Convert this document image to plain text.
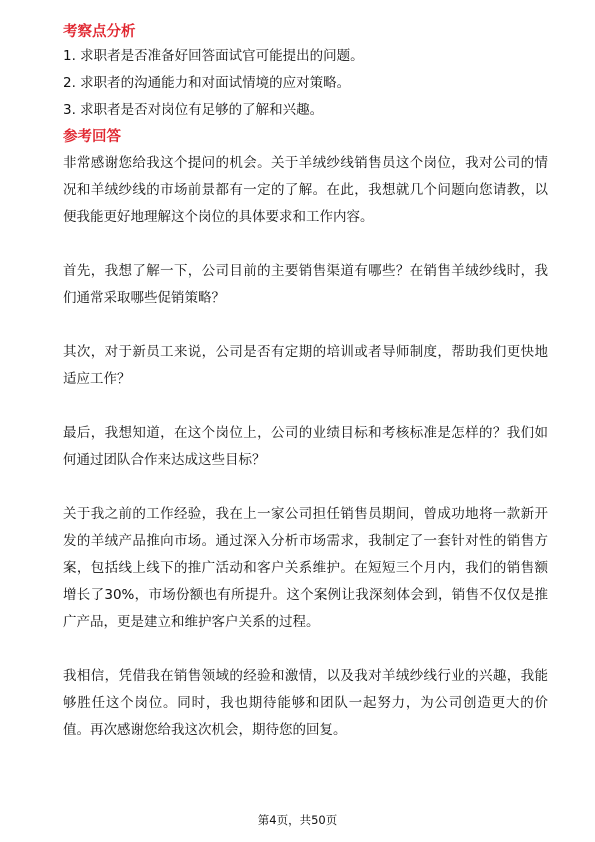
考察点分析
1. 求职者是否准备好回答面试官可能提出的问题。
2. 求职者的沟通能力和对面试情境的应对策略。
3. 求职者是否对岗位有足够的了解和兴趣。
参考回答

非常感谢您给我这个提问的机会。关于羊绒纱线销售员这个岗位，我对公司的情况和羊绒纱线的市场前景都有一定的了解。在此，我想就几个问题向您请教，以便我能更好地理解这个岗位的具体要求和工作内容。

首先，我想了解一下，公司目前的主要销售渠道有哪些？在销售羊绒纱线时，我们通常采取哪些促销策略？

其次，对于新员工来说，公司是否有定期的培训或者导师制度，帮助我们更快地适应工作？

最后，我想知道，在这个岗位上，公司的业绩目标和考核标准是怎样的？我们如何通过团队合作来达成这些目标？

关于我之前的工作经验，我在上一家公司担任销售员期间，曾成功地将一款新开发的羊绒产品推向市场。通过深入分析市场需求，我制定了一套针对性的销售方案，包括线上线下的推广活动和客户关系维护。在短短三个月内，我们的销售额增长了30%，市场份额也有所提升。这个案例让我深刻体会到，销售不仅仅是推广产品，更是建立和维护客户关系的过程。

我相信，凭借我在销售领域的经验和激情，以及我对羊绒纱线行业的兴趣，我能够胜任这个岗位。同时，我也期待能够和团队一起努力，为公司创造更大的价值。再次感谢您给我这次机会，期待您的回复。

第4页，共50页
